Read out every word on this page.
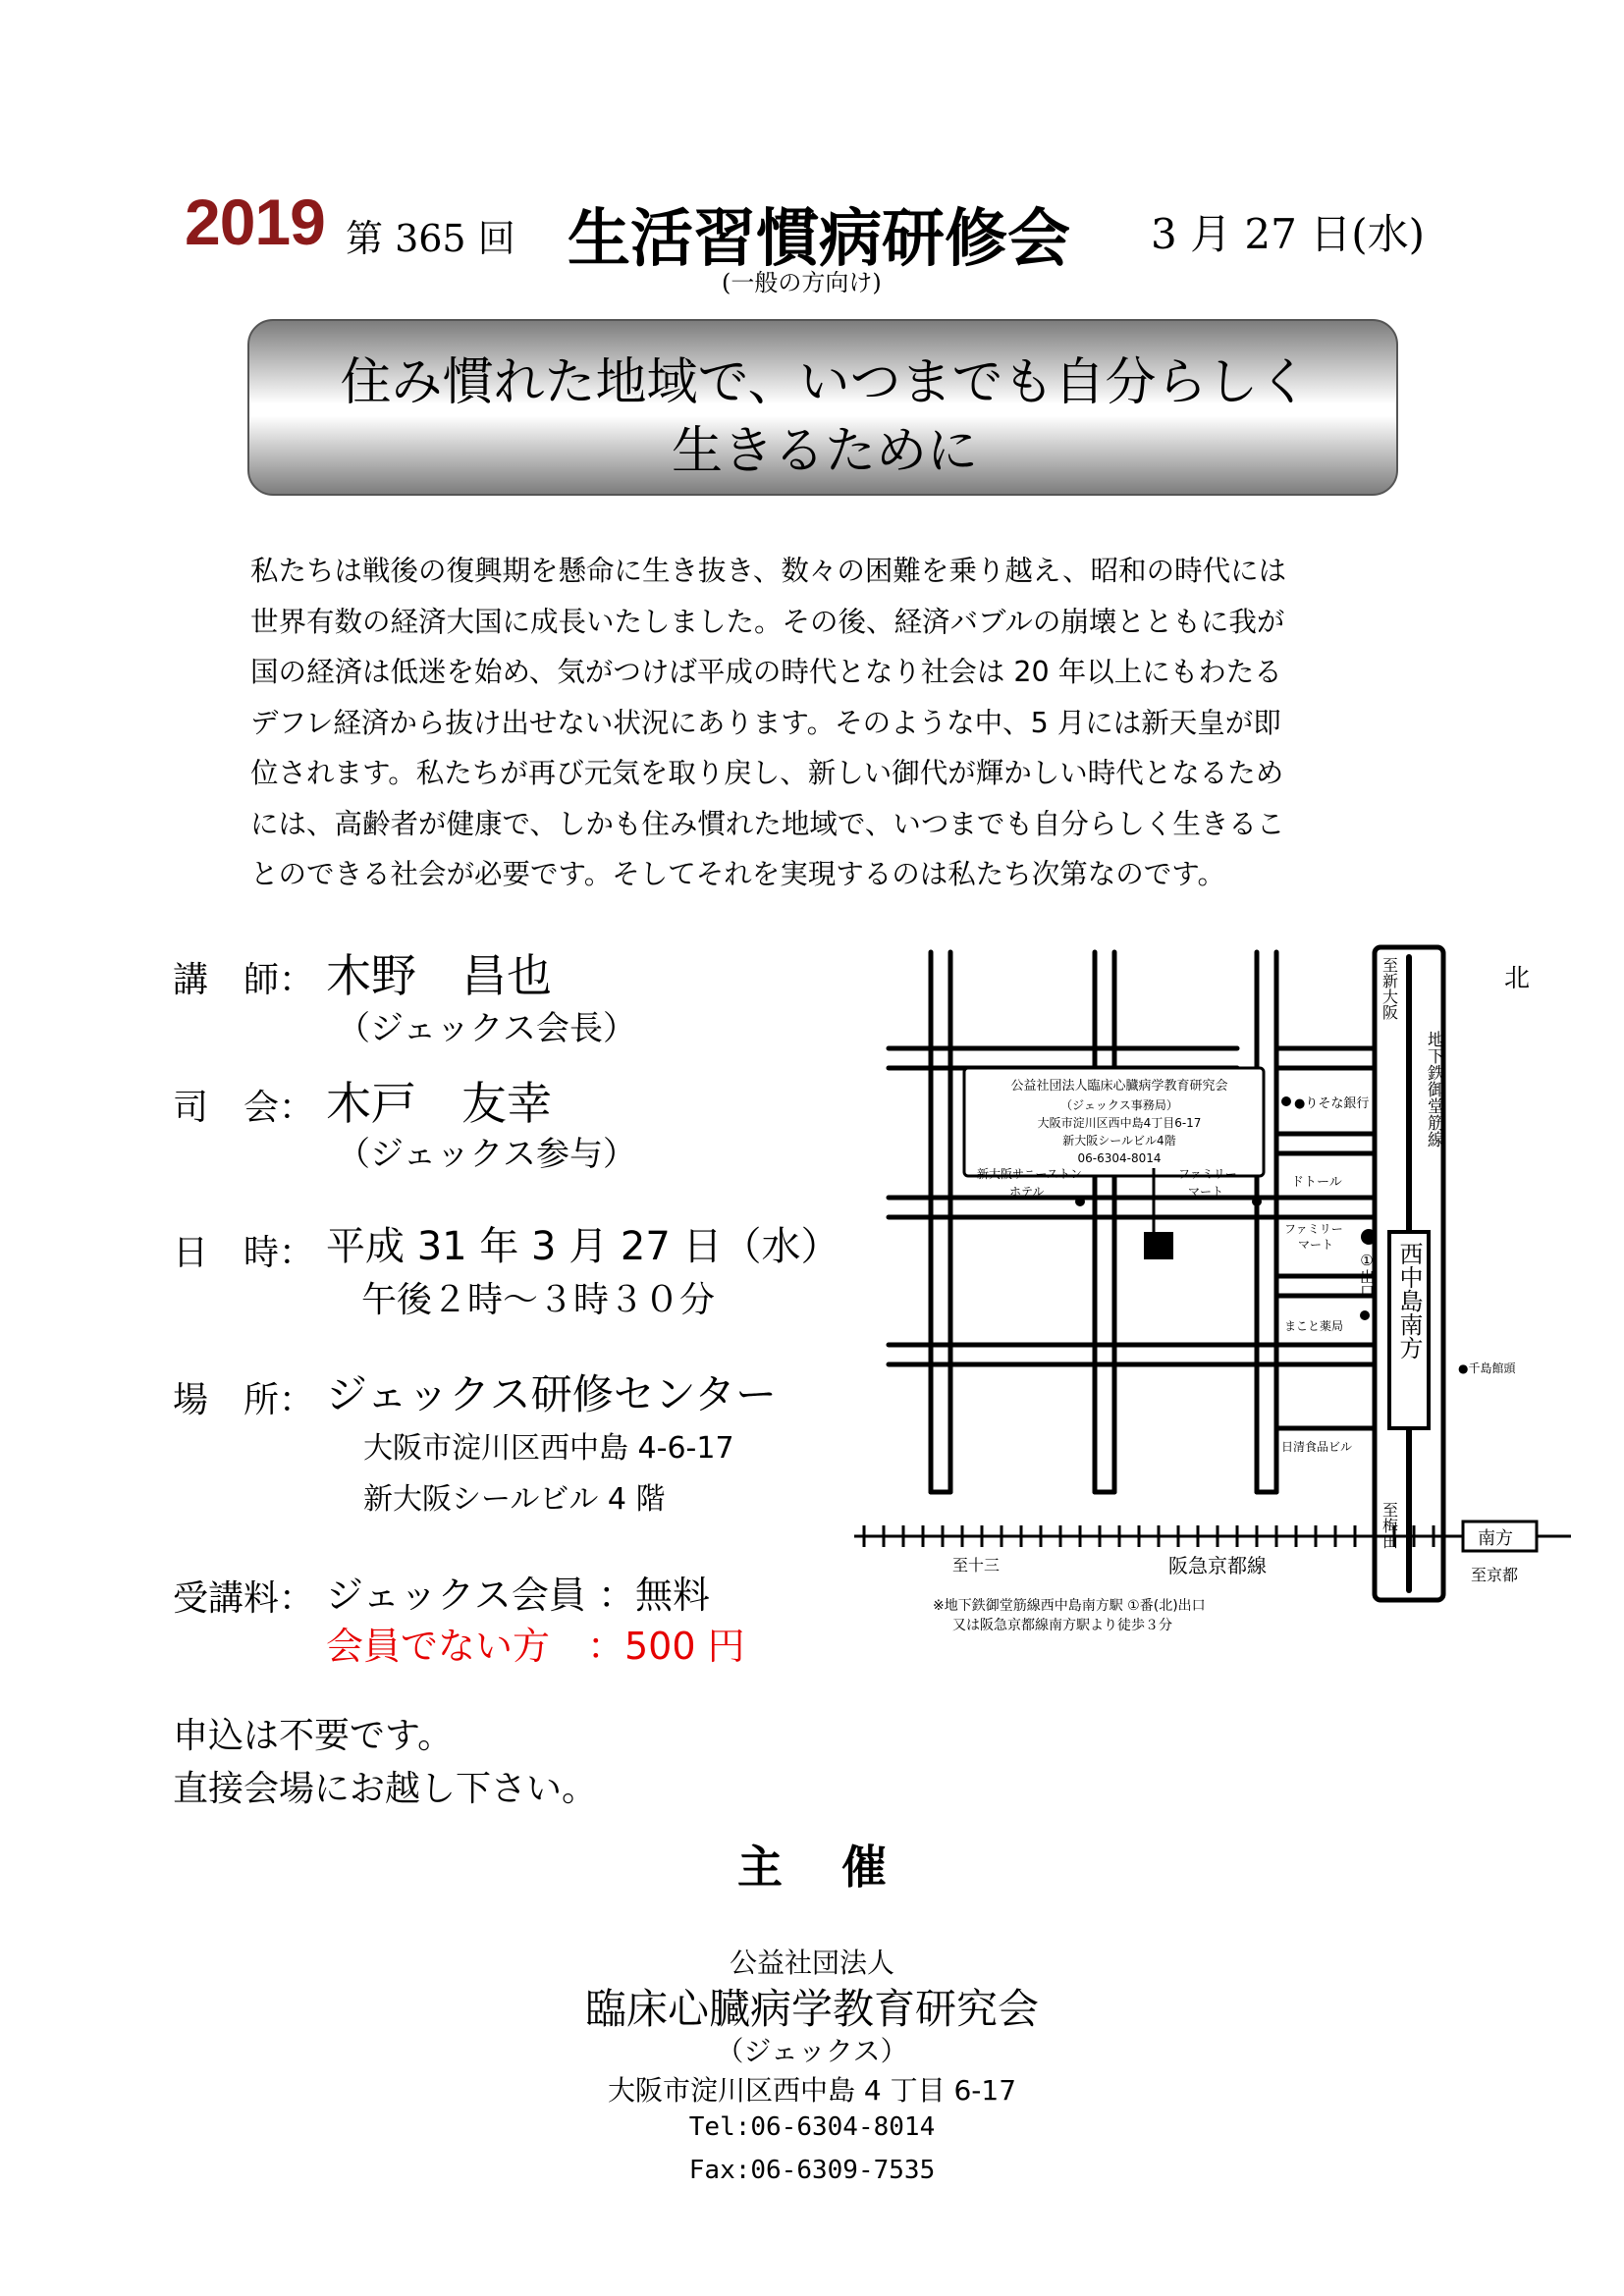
2019 第 365 回 生活習慣病研修会 3 月 27 日(水)
(一般の方向け)
住み慣れた地域で、いつまでも自分らしく
生きるために
私たちは戦後の復興期を懸命に生き抜き、数々の困難を乗り越え、昭和の時代には
世界有数の経済大国に成長いたしました。その後、経済バブルの崩壊とともに我が
国の経済は低迷を始め、気がつけば平成の時代となり社会は 20 年以上にもわたる
デフレ経済から抜け出せない状況にあります。そのような中、5 月には新天皇が即
位されます。私たちが再び元気を取り戻し、新しい御代が輝かしい時代となるため
には、高齢者が健康で、しかも住み慣れた地域で、いつまでも自分らしく生きるこ
とのできる社会が必要です。そしてそれを実現するのは私たち次第なのです。
講　師： 木野　昌也
（ジェックス会長）
司　会： 木戸　友幸
（ジェックス参与）
日　時： 平成 31 年 3 月 27 日（水）
午後２時～３時３０分
場　所： ジェックス研修センター
大阪市淀川区西中島 4-6-17
新大阪シールビル 4 階
受講料： ジェックス会員 ：無料
会員でない方　：500 円
申込は不要です。
直接会場にお越し下さい。
公益社団法人臨床心臓病学教育研究会
（ジェックス事務局）
大阪市淀川区西中島4丁目6-17
新大阪シールビル4階
06-6304-8014
北
●りそな銀行
新大阪サニーストン
ホテル
ファミリー
マート
ドトール
ファミリー
マート
まこと薬局
日清食品ビル
●千島館頭
①出口 西中島南方
地下鉄御堂筋線
至新大阪
至梅田
至十三	阪急京都線
南方
至京都
※地下鉄御堂筋線西中島南方駅 ①番(北)出口
又は阪急京都線南方駅より徒歩３分
主催
公益社団法人
臨床心臓病学教育研究会
（ジェックス）
大阪市淀川区西中島 4 丁目 6-17
Tel:06-6304-8014
Fax:06-6309-7535
